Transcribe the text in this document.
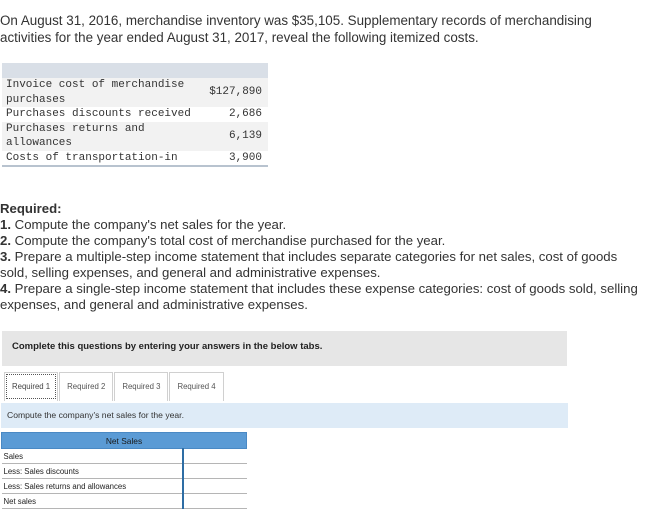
On August 31, 2016, merchandise inventory was $35,105. Supplementary records of merchandising activities for the year ended August 31, 2017, reveal the following itemized costs.
Invoice cost of merchandise purchases	$127,890
Purchases discounts received	2,686
Purchases returns and allowances	6,139
Costs of transportation-in	3,900
Required:
1. Compute the company's net sales for the year.
2. Compute the company's total cost of merchandise purchased for the year.
3. Prepare a multiple-step income statement that includes separate categories for net sales, cost of goods sold, selling expenses, and general and administrative expenses.
4. Prepare a single-step income statement that includes these expense categories: cost of goods sold, selling expenses, and general and administrative expenses.
Complete this questions by entering your answers in the below tabs.
Required 1	Required 2	Required 3	Required 4
Compute the company's net sales for the year.
Net Sales	
Sales	
Less: Sales discounts	
Less: Sales returns and allowances	
Net sales	
